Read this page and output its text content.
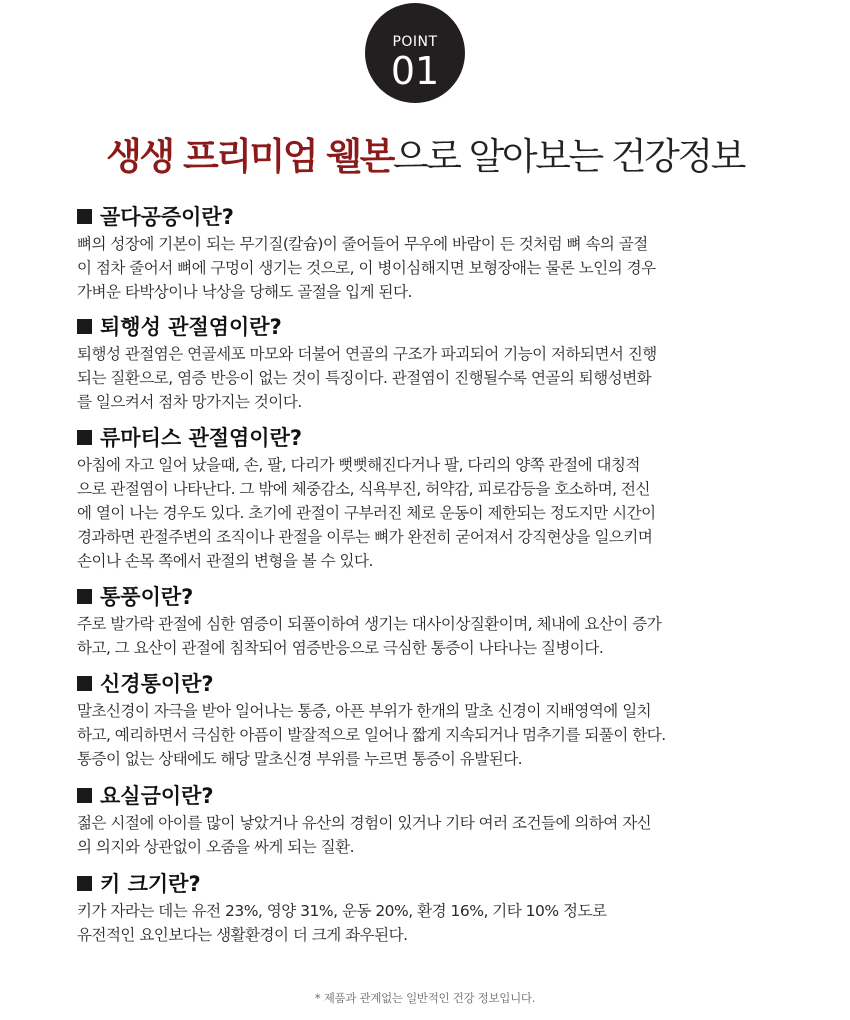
POINT
01
생생 프리미엄 웰본으로 알아보는 건강정보
골다공증이란?
뼈의 성장에 기본이 되는 무기질(칼슘)이 줄어들어 무우에 바람이 든 것처럼 뼈 속의 골절
이 점차 줄어서 뼈에 구멍이 생기는 것으로, 이 병이심해지면 보형장애는 물론 노인의 경우
가벼운 타박상이나 낙상을 당해도 골절을 입게 된다.
퇴행성 관절염이란?
퇴행성 관절염은 연골세포 마모와 더불어 연골의 구조가 파괴되어 기능이 저하되면서 진행
되는 질환으로, 염증 반응이 없는 것이 특징이다. 관절염이 진행될수록 연골의 퇴행성변화
를 일으켜서 점차 망가지는 것이다.
류마티스 관절염이란?
아침에 자고 일어 났을때, 손, 팔, 다리가 뻣뻣해진다거나 팔, 다리의 양쪽 관절에 대칭적
으로 관절염이 나타난다. 그 밖에 체중감소, 식욕부진, 허약감, 피로감등을 호소하며, 전신
에 열이 나는 경우도 있다. 초기에 관절이 구부러진 체로 운동이 제한되는 정도지만 시간이
경과하면 관절주변의 조직이나 관절을 이루는 뼈가 완전히 굳어져서 강직현상을 일으키며
손이나 손목 쪽에서 관절의 변형을 볼 수 있다.
통풍이란?
주로 발가락 관절에 심한 염증이 되풀이하여 생기는 대사이상질환이며, 체내에 요산이 증가
하고, 그 요산이 관절에 침착되어 염증반응으로 극심한 통증이 나타나는 질병이다.
신경통이란?
말초신경이 자극을 받아 일어나는 통증, 아픈 부위가 한개의 말초 신경이 지배영역에 일치
하고, 예리하면서 극심한 아픔이 발잘적으로 일어나 짧게 지속되거나 멈추기를 되풀이 한다.
통증이 없는 상태에도 해당 말초신경 부위를 누르면 통증이 유발된다.
요실금이란?
젊은 시절에 아이를 많이 낳았거나 유산의 경험이 있거나 기타 여러 조건들에 의하여 자신
의 의지와 상관없이 오줌을 싸게 되는 질환.
키 크기란?
키가 자라는 데는 유전 23%, 영양 31%, 운동 20%, 환경 16%, 기타 10% 정도로
유전적인 요인보다는 생활환경이 더 크게 좌우된다.
* 제품과 관계없는 일반적인 건강 정보입니다.
